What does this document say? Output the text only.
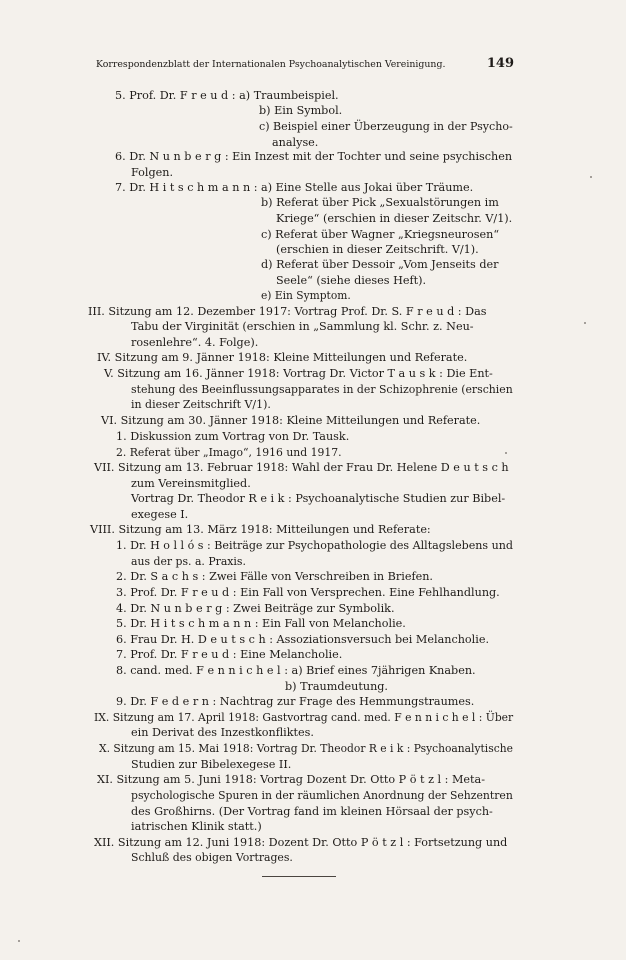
Korrespondenzblatt der Internationalen Psychoanalytischen Vereinigung.	149
5. Prof. Dr. F r e u d : a) Traumbeispiel.
b) Ein Symbol.
c) Beispiel einer Überzeugung in der Psycho-
analyse.
6. Dr. N u n b e r g : Ein Inzest mit der Tochter und seine psychischen
Folgen.
7. Dr. H i t s c h m a n n : a) Eine Stelle aus Jokai über Träume.
b) Referat über Pick „Sexualstörungen im
Kriege“ (erschien in dieser Zeitschr. V/1).
c) Referat über Wagner „Kriegsneurosen“
(erschien in dieser Zeitschrift. V/1).
d) Referat über Dessoir „Vom Jenseits der
Seele“ (siehe dieses Heft).
e) Ein Symptom.
III. Sitzung am 12. Dezember 1917: Vortrag Prof. Dr. S. F r e u d : Das
Tabu der Virginität (erschien in „Sammlung kl. Schr. z. Neu-
rosenlehre“. 4. Folge).
IV. Sitzung am 9. Jänner 1918: Kleine Mitteilungen und Referate.
V. Sitzung am 16. Jänner 1918: Vortrag Dr. Victor T a u s k : Die Ent-
stehung des Beeinflussungsapparates in der Schizophrenie (erschien
in dieser Zeitschrift V/1).
VI. Sitzung am 30. Jänner 1918: Kleine Mitteilungen und Referate.
1. Diskussion zum Vortrag von Dr. Tausk.
2. Referat über „Imago“, 1916 und 1917.
VII. Sitzung am 13. Februar 1918: Wahl der Frau Dr. Helene D e u t s c h
zum Vereinsmitglied.
Vortrag Dr. Theodor R e i k : Psychoanalytische Studien zur Bibel-
exegese I.
VIII. Sitzung am 13. März 1918: Mitteilungen und Referate:
1. Dr. H o l l ó s : Beiträge zur Psychopathologie des Alltagslebens und
aus der ps. a. Praxis.
2. Dr. S a c h s : Zwei Fälle von Verschreiben in Briefen.
3. Prof. Dr. F r e u d : Ein Fall von Versprechen. Eine Fehlhandlung.
4. Dr. N u n b e r g : Zwei Beiträge zur Symbolik.
5. Dr. H i t s c h m a n n : Ein Fall von Melancholie.
6. Frau Dr. H. D e u t s c h : Assoziationsversuch bei Melancholie.
7. Prof. Dr. F r e u d : Eine Melancholie.
8. cand. med. F e n n i c h e l : a) Brief eines 7jährigen Knaben.
b) Traumdeutung.
9. Dr. F e d e r n : Nachtrag zur Frage des Hemmungstraumes.
IX. Sitzung am 17. April 1918: Gastvortrag cand. med. F e n n i c h e l : Über
ein Derivat des Inzestkonfliktes.
X. Sitzung am 15. Mai 1918: Vortrag Dr. Theodor R e i k : Psychoanalytische
Studien zur Bibelexegese II.
XI. Sitzung am 5. Juni 1918: Vortrag Dozent Dr. Otto P ö t z l : Meta-
psychologische Spuren in der räumlichen Anordnung der Sehzentren
des Großhirns. (Der Vortrag fand im kleinen Hörsaal der psych-
iatrischen Klinik statt.)
XII. Sitzung am 12. Juni 1918: Dozent Dr. Otto P ö t z l : Fortsetzung und
Schluß des obigen Vortrages.
